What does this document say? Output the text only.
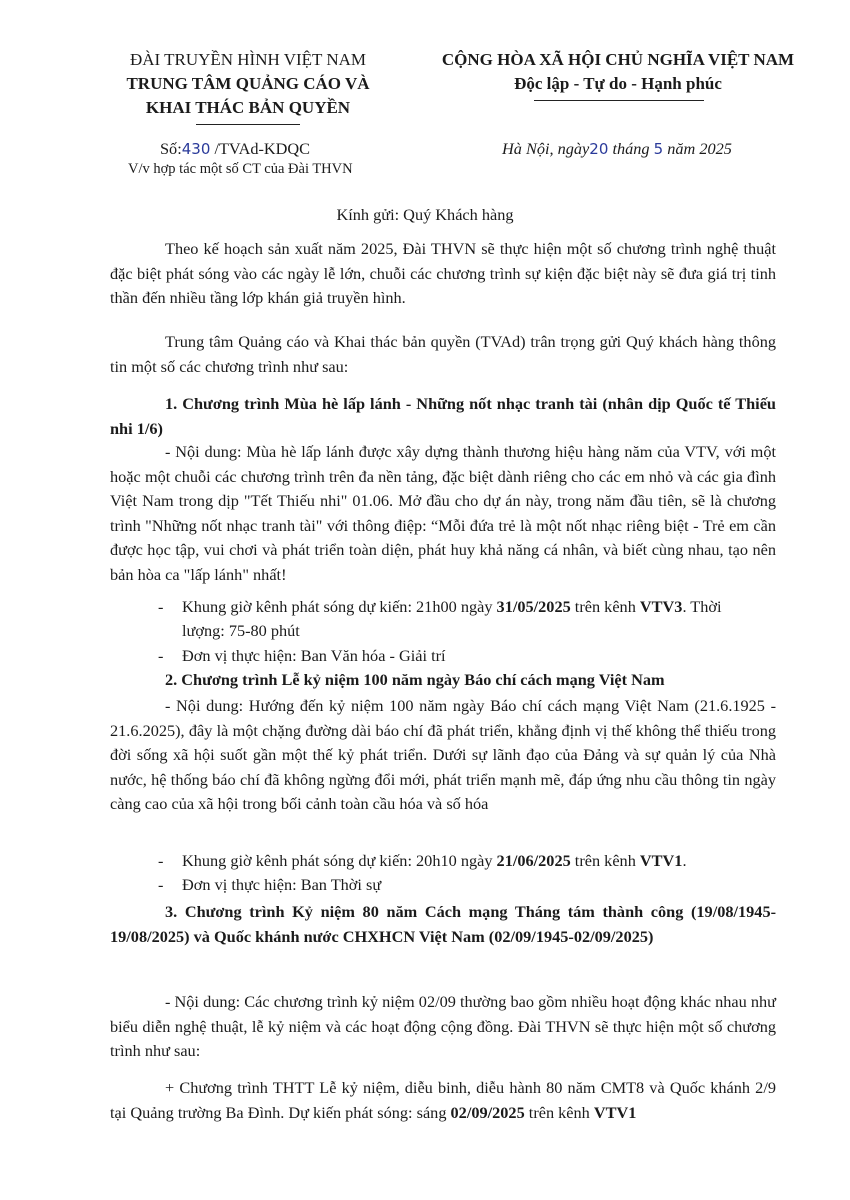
ĐÀI TRUYỀN HÌNH VIỆT NAM
TRUNG TÂM QUẢNG CÁO VÀ
KHAI THÁC BẢN QUYỀN
CỘNG HÒA XÃ HỘI CHỦ NGHĨA VIỆT NAM
Độc lập - Tự do - Hạnh phúc
Số:430 /TVAd-KDQC
V/v hợp tác một số CT của Đài THVN
Hà Nội, ngày20 tháng 5 năm 2025
Kính gửi: Quý Khách hàng
Theo kế hoạch sản xuất năm 2025, Đài THVN sẽ thực hiện một số chương trình nghệ thuật đặc biệt phát sóng vào các ngày lễ lớn, chuỗi các chương trình sự kiện đặc biệt này sẽ đưa giá trị tinh thần đến nhiều tầng lớp khán giả truyền hình.
Trung tâm Quảng cáo và Khai thác bản quyền (TVAd) trân trọng gửi Quý khách hàng thông tin một số các chương trình như sau:
1. Chương trình Mùa hè lấp lánh - Những nốt nhạc tranh tài (nhân dịp Quốc tế Thiếu nhi 1/6)
- Nội dung: Mùa hè lấp lánh được xây dựng thành thương hiệu hàng năm của VTV, với một hoặc một chuỗi các chương trình trên đa nền tảng, đặc biệt dành riêng cho các em nhỏ và các gia đình Việt Nam trong dịp "Tết Thiếu nhi" 01.06. Mở đầu cho dự án này, trong năm đầu tiên, sẽ là chương trình "Những nốt nhạc tranh tài" với thông điệp: “Mỗi đứa trẻ là một nốt nhạc riêng biệt - Trẻ em cần được học tập, vui chơi và phát triển toàn diện, phát huy khả năng cá nhân, và biết cùng nhau, tạo nên bản hòa ca "lấp lánh" nhất!
- Khung giờ kênh phát sóng dự kiến: 21h00 ngày 31/05/2025 trên kênh VTV3. Thời
lượng: 75-80 phút
- Đơn vị thực hiện: Ban Văn hóa - Giải trí
2. Chương trình Lễ kỷ niệm 100 năm ngày Báo chí cách mạng Việt Nam
- Nội dung: Hướng đến kỷ niệm 100 năm ngày Báo chí cách mạng Việt Nam (21.6.1925 - 21.6.2025), đây là một chặng đường dài báo chí đã phát triển, khẳng định vị thế không thể thiếu trong đời sống xã hội suốt gần một thế kỷ phát triển. Dưới sự lãnh đạo của Đảng và sự quản lý của Nhà nước, hệ thống báo chí đã không ngừng đổi mới, phát triển mạnh mẽ, đáp ứng nhu cầu thông tin ngày càng cao của xã hội trong bối cảnh toàn cầu hóa và số hóa
- Khung giờ kênh phát sóng dự kiến: 20h10 ngày 21/06/2025 trên kênh VTV1.
- Đơn vị thực hiện: Ban Thời sự
3. Chương trình Kỷ niệm 80 năm Cách mạng Tháng tám thành công (19/08/1945-19/08/2025) và Quốc khánh nước CHXHCN Việt Nam (02/09/1945-02/09/2025)
- Nội dung: Các chương trình kỷ niệm 02/09 thường bao gồm nhiều hoạt động khác nhau như biểu diễn nghệ thuật, lễ kỷ niệm và các hoạt động cộng đồng. Đài THVN sẽ thực hiện một số chương trình như sau:
+ Chương trình THTT Lễ kỷ niệm, diễu binh, diễu hành 80 năm CMT8 và Quốc khánh 2/9 tại Quảng trường Ba Đình. Dự kiến phát sóng: sáng 02/09/2025 trên kênh VTV1
